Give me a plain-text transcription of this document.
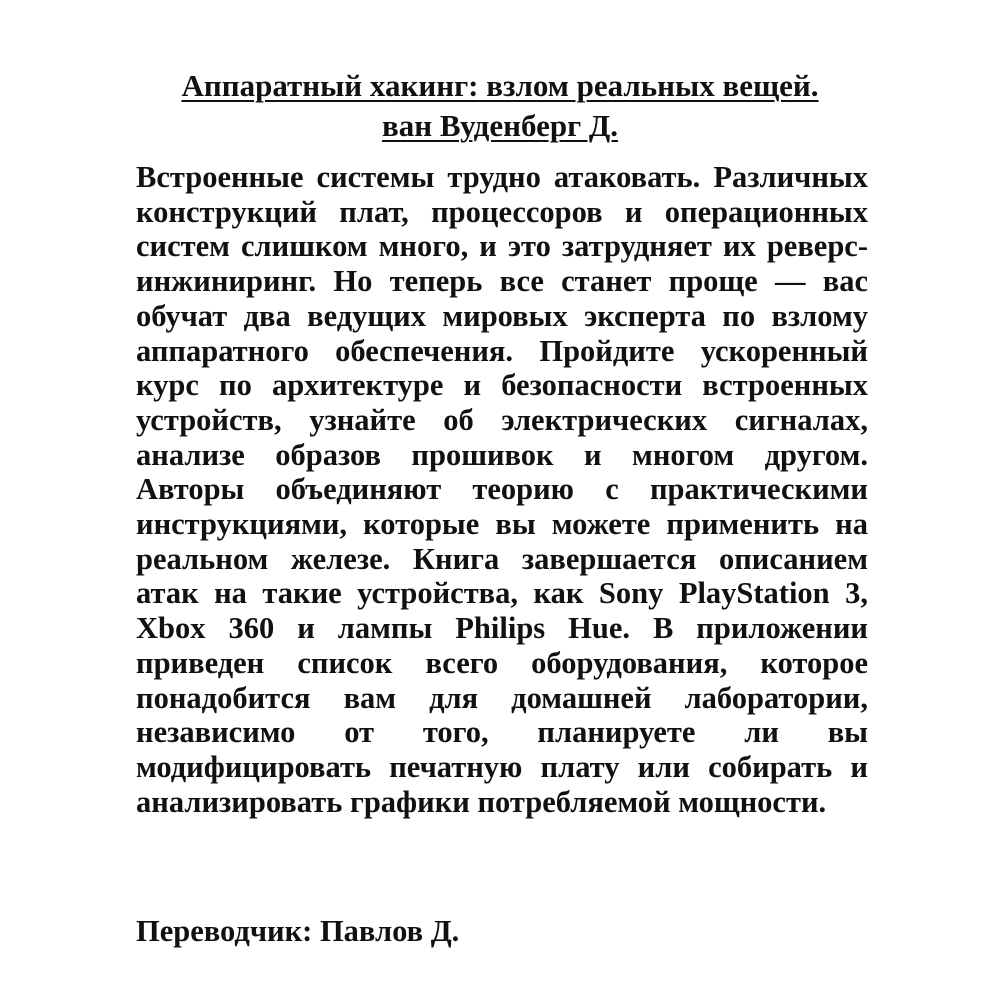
Аппаратный хакинг: взлом реальных вещей.
ван Вуденберг Д.
Встроенные системы трудно атаковать. Различных
конструкций плат, процессоров и операционных
систем слишком много, и это затрудняет их реверс-
инжиниринг. Но теперь все станет проще — вас
обучат два ведущих мировых эксперта по взлому
аппаратного обеспечения. Пройдите ускоренный
курс по архитектуре и безопасности встроенных
устройств, узнайте об электрических сигналах,
анализе образов прошивок и многом другом.
Авторы объединяют теорию с практическими
инструкциями, которые вы можете применить на
реальном железе. Книга завершается описанием
атак на такие устройства, как Sony PlayStation 3,
Xbox 360 и лампы Philips Hue. В приложении
приведен список всего оборудования, которое
понадобится вам для домашней лаборатории,
независимо от того, планируете ли вы
модифицировать печатную плату или собирать и
анализировать графики потребляемой мощности.
Переводчик: Павлов Д.
